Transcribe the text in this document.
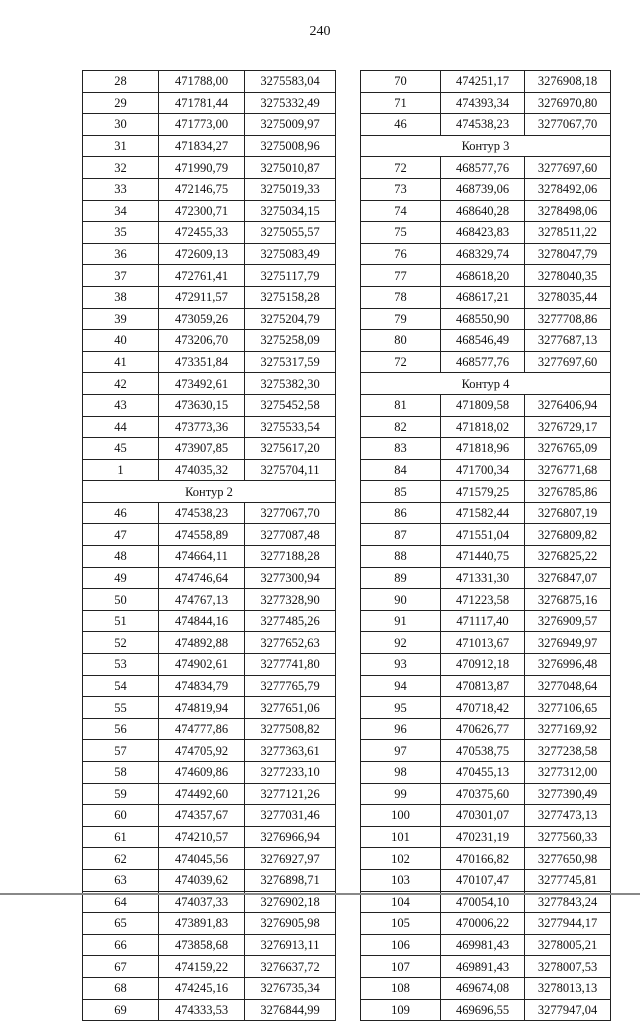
240
28	471788,00	3275583,04
29	471781,44	3275332,49
30	471773,00	3275009,97
31	471834,27	3275008,96
32	471990,79	3275010,87
33	472146,75	3275019,33
34	472300,71	3275034,15
35	472455,33	3275055,57
36	472609,13	3275083,49
37	472761,41	3275117,79
38	472911,57	3275158,28
39	473059,26	3275204,79
40	473206,70	3275258,09
41	473351,84	3275317,59
42	473492,61	3275382,30
43	473630,15	3275452,58
44	473773,36	3275533,54
45	473907,85	3275617,20
1	474035,32	3275704,11
Контур 2		
46	474538,23	3277067,70
47	474558,89	3277087,48
48	474664,11	3277188,28
49	474746,64	3277300,94
50	474767,13	3277328,90
51	474844,16	3277485,26
52	474892,88	3277652,63
53	474902,61	3277741,80
54	474834,79	3277765,79
55	474819,94	3277651,06
56	474777,86	3277508,82
57	474705,92	3277363,61
58	474609,86	3277233,10
59	474492,60	3277121,26
60	474357,67	3277031,46
61	474210,57	3276966,94
62	474045,56	3276927,97
63	474039,62	3276898,71
64	474037,33	3276902,18
65	473891,83	3276905,98
66	473858,68	3276913,11
67	474159,22	3276637,72
68	474245,16	3276735,34
69	474333,53	3276844,99
70	474251,17	3276908,18
71	474393,34	3276970,80
46	474538,23	3277067,70
Контур 3		
72	468577,76	3277697,60
73	468739,06	3278492,06
74	468640,28	3278498,06
75	468423,83	3278511,22
76	468329,74	3278047,79
77	468618,20	3278040,35
78	468617,21	3278035,44
79	468550,90	3277708,86
80	468546,49	3277687,13
72	468577,76	3277697,60
Контур 4		
81	471809,58	3276406,94
82	471818,02	3276729,17
83	471818,96	3276765,09
84	471700,34	3276771,68
85	471579,25	3276785,86
86	471582,44	3276807,19
87	471551,04	3276809,82
88	471440,75	3276825,22
89	471331,30	3276847,07
90	471223,58	3276875,16
91	471117,40	3276909,57
92	471013,67	3276949,97
93	470912,18	3276996,48
94	470813,87	3277048,64
95	470718,42	3277106,65
96	470626,77	3277169,92
97	470538,75	3277238,58
98	470455,13	3277312,00
99	470375,60	3277390,49
100	470301,07	3277473,13
101	470231,19	3277560,33
102	470166,82	3277650,98
103	470107,47	3277745,81
104	470054,10	3277843,24
105	470006,22	3277944,17
106	469981,43	3278005,21
107	469891,43	3278007,53
108	469674,08	3278013,13
109	469696,55	3277947,04
